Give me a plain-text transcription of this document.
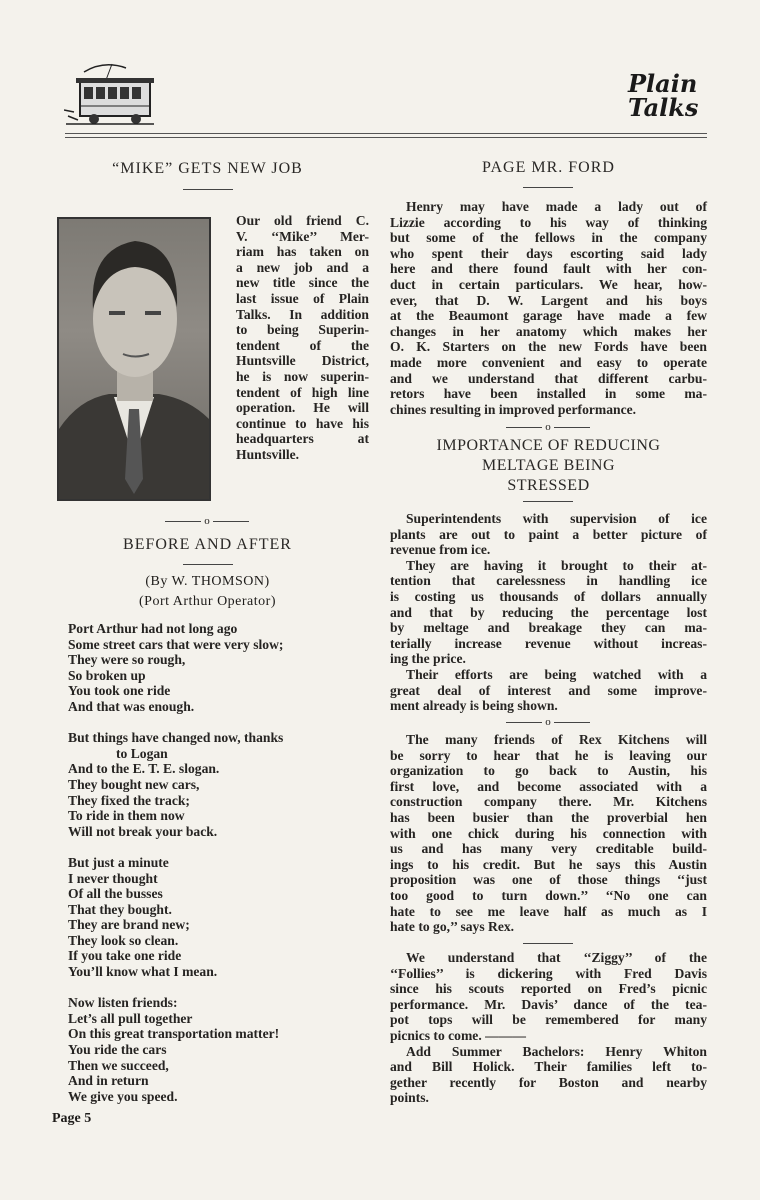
Plain
Talks
“MIKE” GETS NEW JOB
Our old friend C.
V. ‘‘Mike’’ Mer-
riam has taken on
a new job and a
new title since the
last issue of Plain
Talks. In addition
to being Superin-
tendent of the
Huntsville District,
he is now superin-
tendent of high line
operation. He will
continue to have his
headquarters at
Huntsville.
o
BEFORE AND AFTER
(By W. THOMSON)
(Port Arthur Operator)
Port Arthur had not long ago
Some street cars that were very slow;
They were so rough,
So broken up
You took one ride
And that was enough.
But things have changed now, thanks
to Logan
And to the E. T. E. slogan.
They bought new cars,
They fixed the track;
To ride in them now
Will not break your back.
But just a minute
I never thought
Of all the busses
That they bought.
They are brand new;
They look so clean.
If you take one ride
You’ll know what I mean.
Now listen friends:
Let’s all pull together
On this great transportation matter!
You ride the cars
Then we succeed,
And in return
We give you speed.
Page 5
PAGE MR. FORD
Henry may have made a lady out of
Lizzie according to his way of thinking
but some of the fellows in the company
who spent their days escorting said lady
here and there found fault with her con-
duct in certain particulars. We hear, how-
ever, that D. W. Largent and his boys
at the Beaumont garage have made a few
changes in her anatomy which makes her
O. K. Starters on the new Fords have been
made more convenient and easy to operate
and we understand that different carbu-
retors have been installed in some ma-
chines resulting in improved performance.
o
IMPORTANCE OF REDUCING
MELTAGE BEING
STRESSED
Superintendents with supervision of ice
plants are out to paint a better picture of
revenue from ice.
They are having it brought to their at-
tention that carelessness in handling ice
is costing us thousands of dollars annually
and that by reducing the percentage lost
by meltage and breakage they can ma-
terially increase revenue without increas-
ing the price.
Their efforts are being watched with a
great deal of interest and some improve-
ment already is being shown.
o
The many friends of Rex Kitchens will
be sorry to hear that he is leaving our
organization to go back to Austin, his
first love, and become associated with a
construction company there. Mr. Kitchens
has been busier than the proverbial hen
with one chick during his connection with
us and has many very creditable build-
ings to his credit. But he says this Austin
proposition was one of those things ‘‘just
too good to turn down.’’ ‘‘No one can
hate to see me leave half as much as I
hate to go,’’ says Rex.
We understand that ‘‘Ziggy’’ of the
‘‘Follies’’ is dickering with Fred Davis
since his scouts reported on Fred’s picnic
performance. Mr. Davis’ dance of the tea-
pot tops will be remembered for many
picnics to come. ———
Add Summer Bachelors: Henry Whiton
and Bill Holick. Their families left to-
gether recently for Boston and nearby
points.
